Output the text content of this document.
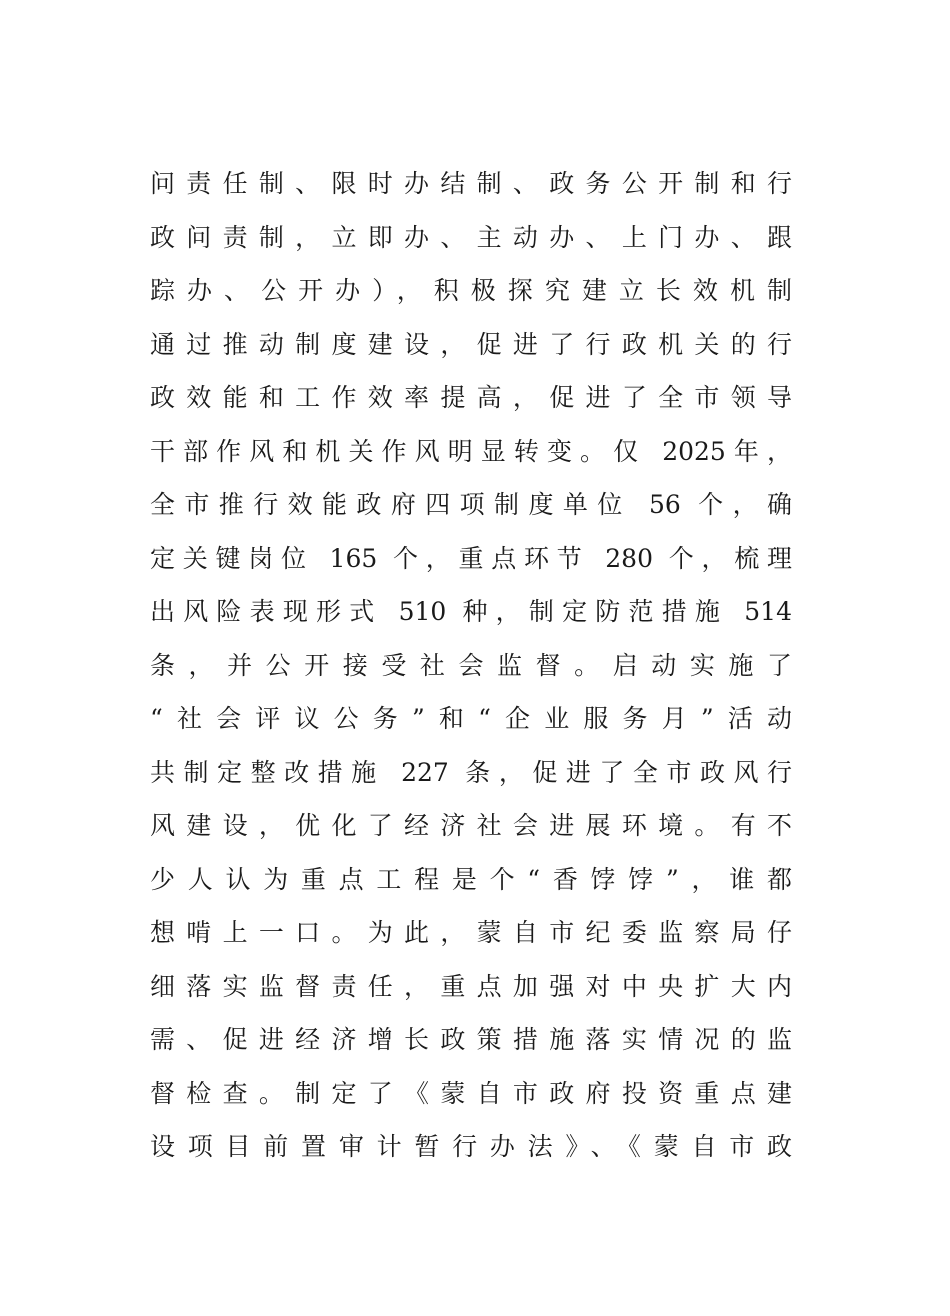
问责任制、限时办结制、政务公开制和行
政问责制，立即办、主动办、上门办、跟
踪办、公开办），积极探究建立长效机制
通过推动制度建设，促进了行政机关的行
政效能和工作效率提高，促进了全市领导
干部作风和机关作风明显转变。仅 2025年，
全市推行效能政府四项制度单位 56 个，确
定关键岗位 165 个，重点环节 280 个，梳理
出风险表现形式 510 种，制定防范措施 514
条，并公开接受社会监督。启动实施了
“社会评议公务”和“企业服务月”活动
共制定整改措施 227 条，促进了全市政风行
风建设，优化了经济社会进展环境。有不
少人认为重点工程是个“香饽饽”，谁都
想啃上一口。为此，蒙自市纪委监察局仔
细落实监督责任，重点加强对中央扩大内
需、促进经济增长政策措施落实情况的监
督检查。制定了《蒙自市政府投资重点建
设项目前置审计暂行办法》、《蒙自市政
